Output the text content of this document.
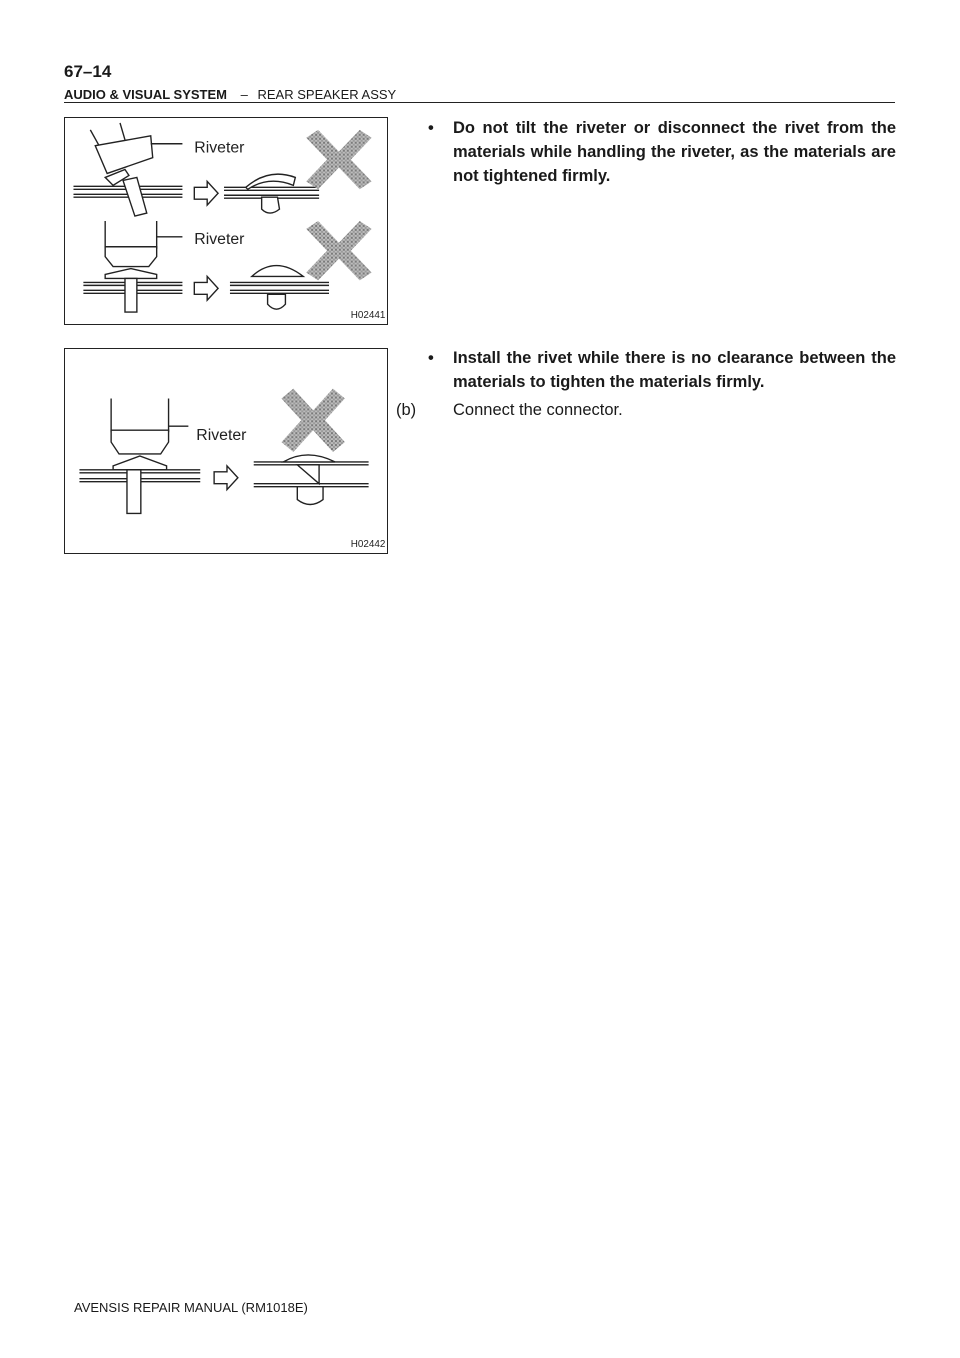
67–14
AUDIO & VISUAL SYSTEM – REAR SPEAKER ASSY
Riveter
Riveter
H02441
Riveter
H02442
• Do not tilt the riveter or disconnect the rivet from the materials while handling the riveter, as the materials are not tightened firmly.
• Install the rivet while there is no clearance between the materials to tighten the materials firmly.
(b) Connect the connector.
AVENSIS REPAIR MANUAL (RM1018E)
